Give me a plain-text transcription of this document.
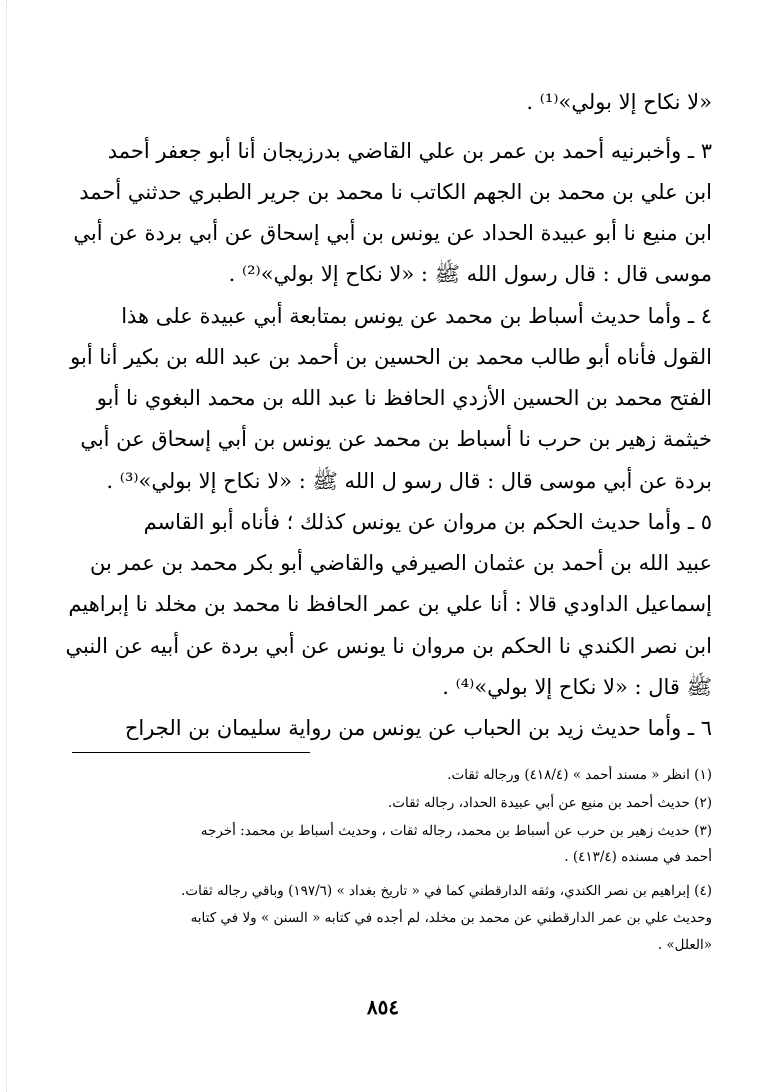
«لا نكاح إلا بولي»⁽¹⁾ .
٣ ـ وأخبرنيه أحمد بن عمر بن علي القاضي بدرزيجان أنا أبو جعفر أحمد
ابن علي بن محمد بن الجهم الكاتب نا محمد بن جرير الطبري حدثني أحمد
ابن منيع نا أبو عبيدة الحداد عن يونس بن أبي إسحاق عن أبي بردة عن أبي
موسى قال : قال رسول الله ﷺ : «لا نكاح إلا بولي»⁽²⁾ .
٤ ـ وأما حديث أسباط بن محمد عن يونس بمتابعة أبي عبيدة على هذا
القول فأناه أبو طالب محمد بن الحسين بن أحمد بن عبد الله بن بكير أنا أبو
الفتح محمد بن الحسين الأزدي الحافظ نا عبد الله بن محمد البغوي نا أبو
خيثمة زهير بن حرب نا أسباط بن محمد عن يونس بن أبي إسحاق عن أبي
بردة عن أبي موسى قال : قال رسو ل الله ﷺ : «لا نكاح إلا بولي»⁽³⁾ .
٥ ـ وأما حديث الحكم بن مروان عن يونس كذلك ؛ فأناه أبو القاسم
عبيد الله بن أحمد بن عثمان الصيرفي والقاضي أبو بكر محمد بن عمر بن
إسماعيل الداودي قالا : أنا علي بن عمر الحافظ نا محمد بن مخلد نا إبراهيم
ابن نصر الكندي نا الحكم بن مروان نا يونس عن أبي بردة عن أبيه عن النبي
ﷺ قال : «لا نكاح إلا بولي»⁽⁴⁾ .
٦ ـ وأما حديث زيد بن الحباب عن يونس من رواية سليمان بن الجراح
(١) انظر « مسند أحمد » (٤١٨/٤) ورجاله ثقات.
(٢) حديث أحمد بن منيع عن أبي عبيدة الحداد، رجاله ثقات.
(٣) حديث زهير بن حرب عن أسباط بن محمد، رجاله ثقات ، وحديث أسباط بن محمد: أخرجه
أحمد في مسنده (٤١٣/٤) .
(٤) إبراهيم بن نصر الكندي، وثقه الدارقطني كما في « تاريخ بغداد » (١٩٧/٦) وباقي رجاله ثقات.
وحديث علي بن عمر الدارقطني عن محمد بن مخلد، لم أجده في كتابه « السنن » ولا في كتابه
«العلل» .
٨٥٤
